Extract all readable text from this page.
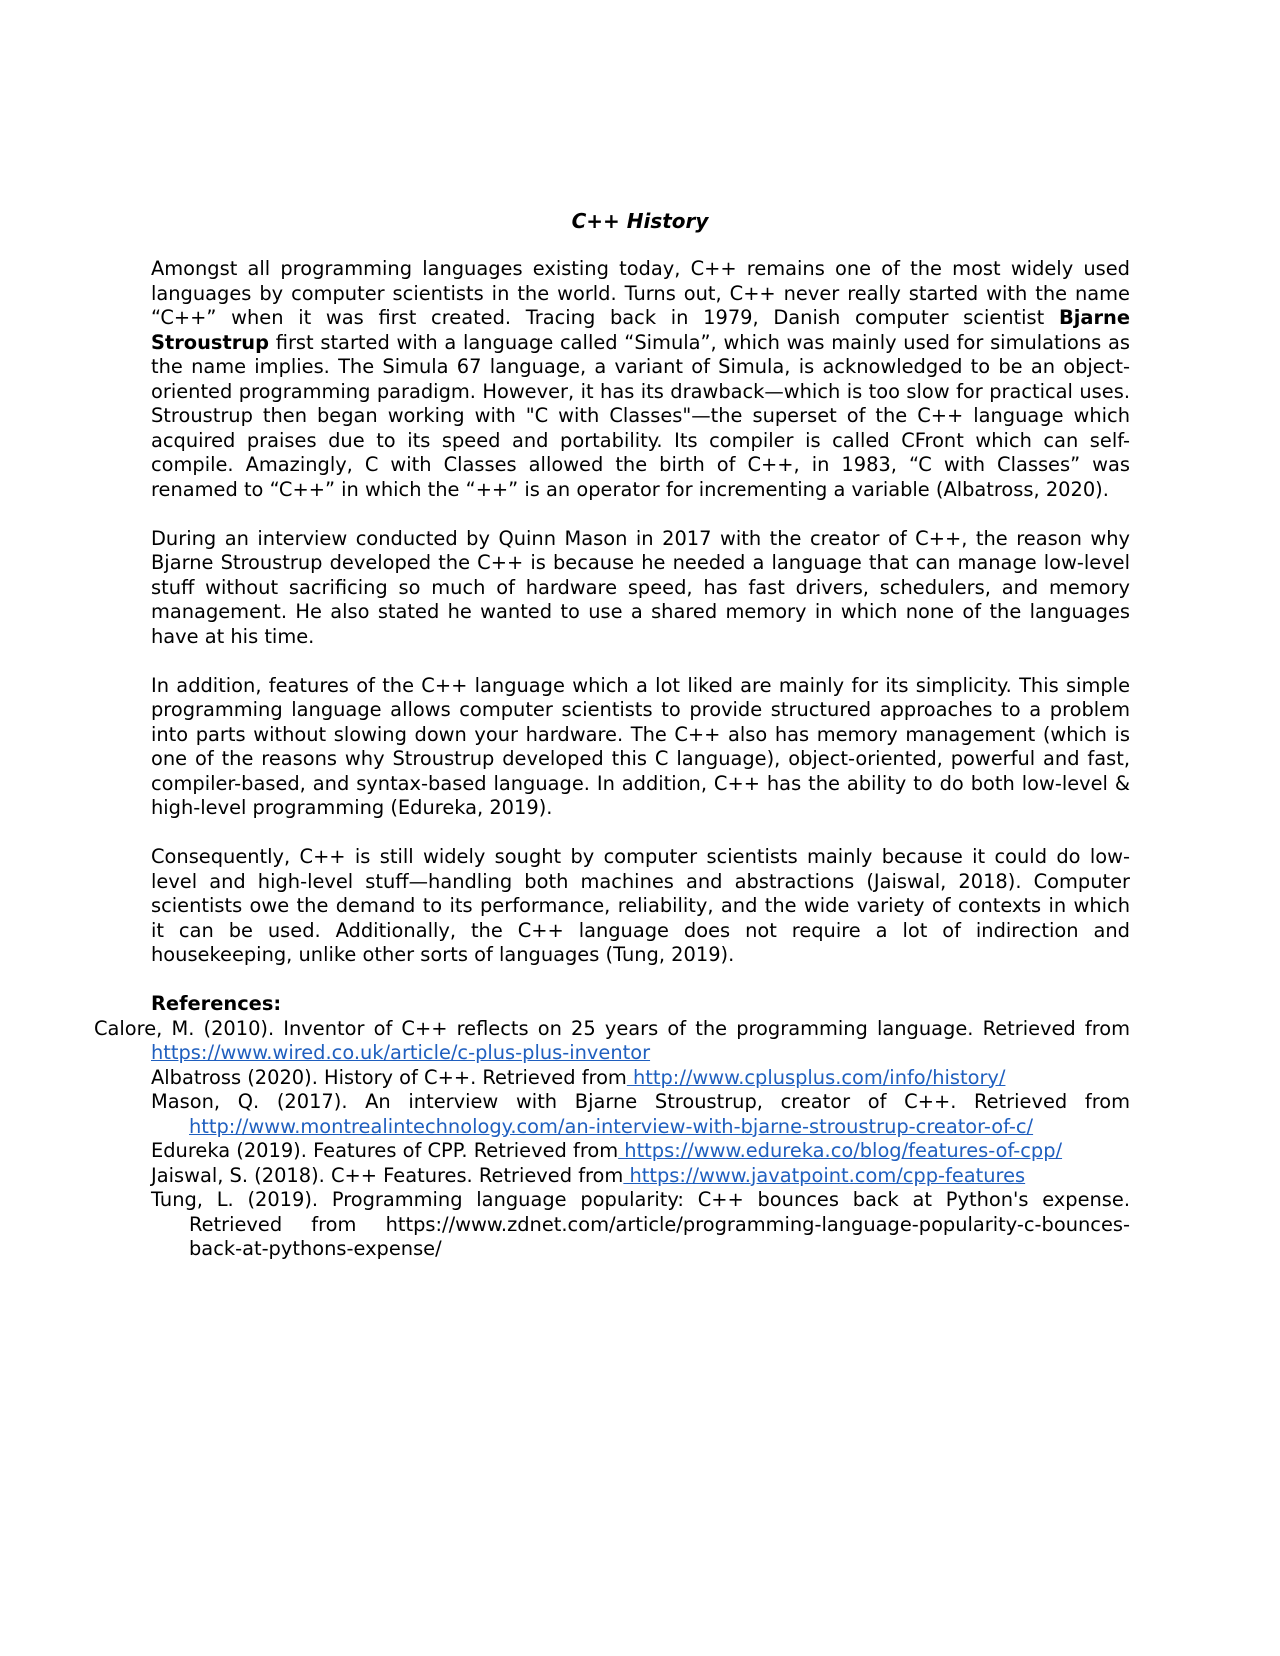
C++ History

Amongst all programming languages existing today, C++ remains one of the most widely used languages by computer scientists in the world. Turns out, C++ never really started with the name “C++” when it was first created. Tracing back in 1979, Danish computer scientist Bjarne Stroustrup first started with a language called “Simula”, which was mainly used for simulations as the name implies. The Simula 67 language, a variant of Simula, is acknowledged to be an object-oriented programming paradigm. However, it has its drawback—which is too slow for practical uses. Stroustrup then began working with "C with Classes"—the superset of the C++ language which acquired praises due to its speed and portability. Its compiler is called CFront which can self-compile. Amazingly, C with Classes allowed the birth of C++, in 1983, “C with Classes” was renamed to “C++” in which the “++” is an operator for incrementing a variable (Albatross, 2020).

During an interview conducted by Quinn Mason in 2017 with the creator of C++, the reason why Bjarne Stroustrup developed the C++ is because he needed a language that can manage low-level stuff without sacrificing so much of hardware speed, has fast drivers, schedulers, and memory management. He also stated he wanted to use a shared memory in which none of the languages have at his time.

In addition, features of the C++ language which a lot liked are mainly for its simplicity. This simple programming language allows computer scientists to provide structured approaches to a problem into parts without slowing down your hardware. The C++ also has memory management (which is one of the reasons why Stroustrup developed this C language), object-oriented, powerful and fast, compiler-based, and syntax-based language. In addition, C++ has the ability to do both low-level & high-level programming (Edureka, 2019).

Consequently, C++ is still widely sought by computer scientists mainly because it could do low-level and high-level stuff—handling both machines and abstractions (Jaiswal, 2018). Computer scientists owe the demand to its performance, reliability, and the wide variety of contexts in which it can be used. Additionally, the C++ language does not require a lot of indirection and housekeeping, unlike other sorts of languages (Tung, 2019).

References:

Calore, M. (2010). Inventor of C++ reflects on 25 years of the programming language. Retrieved from https://www.wired.co.uk/article/c-plus-plus-inventor

Albatross (2020). History of C++. Retrieved from http://www.cplusplus.com/info/history/

Mason, Q. (2017). An interview with Bjarne Stroustrup, creator of C++. Retrieved from http://www.montrealintechnology.com/an-interview-with-bjarne-stroustrup-creator-of-c/

Edureka (2019). Features of CPP. Retrieved from https://www.edureka.co/blog/features-of-cpp/

Jaiswal, S. (2018). C++ Features. Retrieved from https://www.javatpoint.com/cpp-features

Tung, L. (2019). Programming language popularity: C++ bounces back at Python's expense. Retrieved from https://www.zdnet.com/article/programming-language-popularity-c-bounces-back-at-pythons-expense/
